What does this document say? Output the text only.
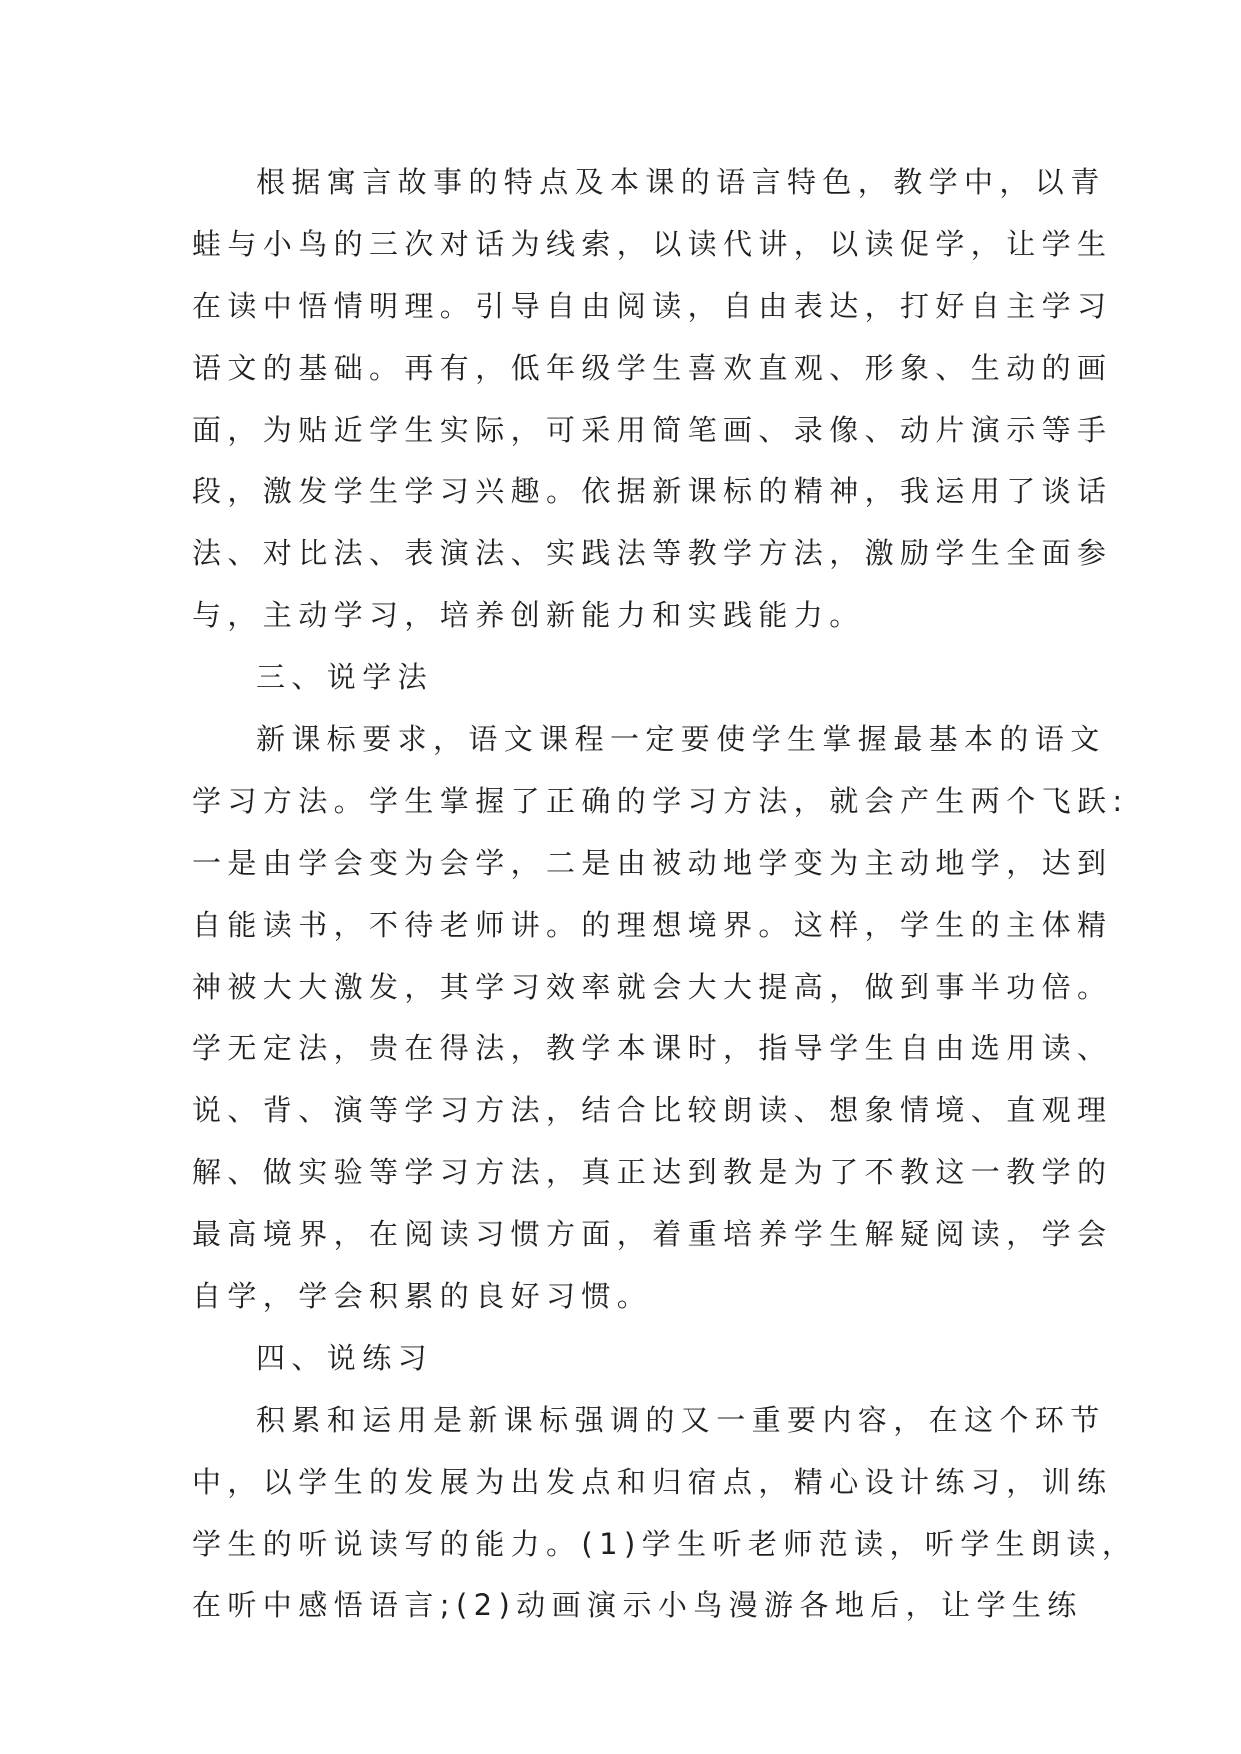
根据寓言故事的特点及本课的语言特色，教学中，以青
蛙与小鸟的三次对话为线索，以读代讲，以读促学，让学生
在读中悟情明理。引导自由阅读，自由表达，打好自主学习
语文的基础。再有，低年级学生喜欢直观、形象、生动的画
面，为贴近学生实际，可采用简笔画、录像、动片演示等手
段，激发学生学习兴趣。依据新课标的精神，我运用了谈话
法、对比法、表演法、实践法等教学方法，激励学生全面参
与，主动学习，培养创新能力和实践能力。
三、说学法
新课标要求，语文课程一定要使学生掌握最基本的语文
学习方法。学生掌握了正确的学习方法，就会产生两个飞跃:
一是由学会变为会学，二是由被动地学变为主动地学，达到
自能读书，不待老师讲。的理想境界。这样，学生的主体精
神被大大激发，其学习效率就会大大提高，做到事半功倍。
学无定法，贵在得法，教学本课时，指导学生自由选用读、
说、背、演等学习方法，结合比较朗读、想象情境、直观理
解、做实验等学习方法，真正达到教是为了不教这一教学的
最高境界，在阅读习惯方面，着重培养学生解疑阅读，学会
自学，学会积累的良好习惯。
四、说练习
积累和运用是新课标强调的又一重要内容，在这个环节
中，以学生的发展为出发点和归宿点，精心设计练习，训练
学生的听说读写的能力。(1)学生听老师范读，听学生朗读，
在听中感悟语言;(2)动画演示小鸟漫游各地后，让学生练
